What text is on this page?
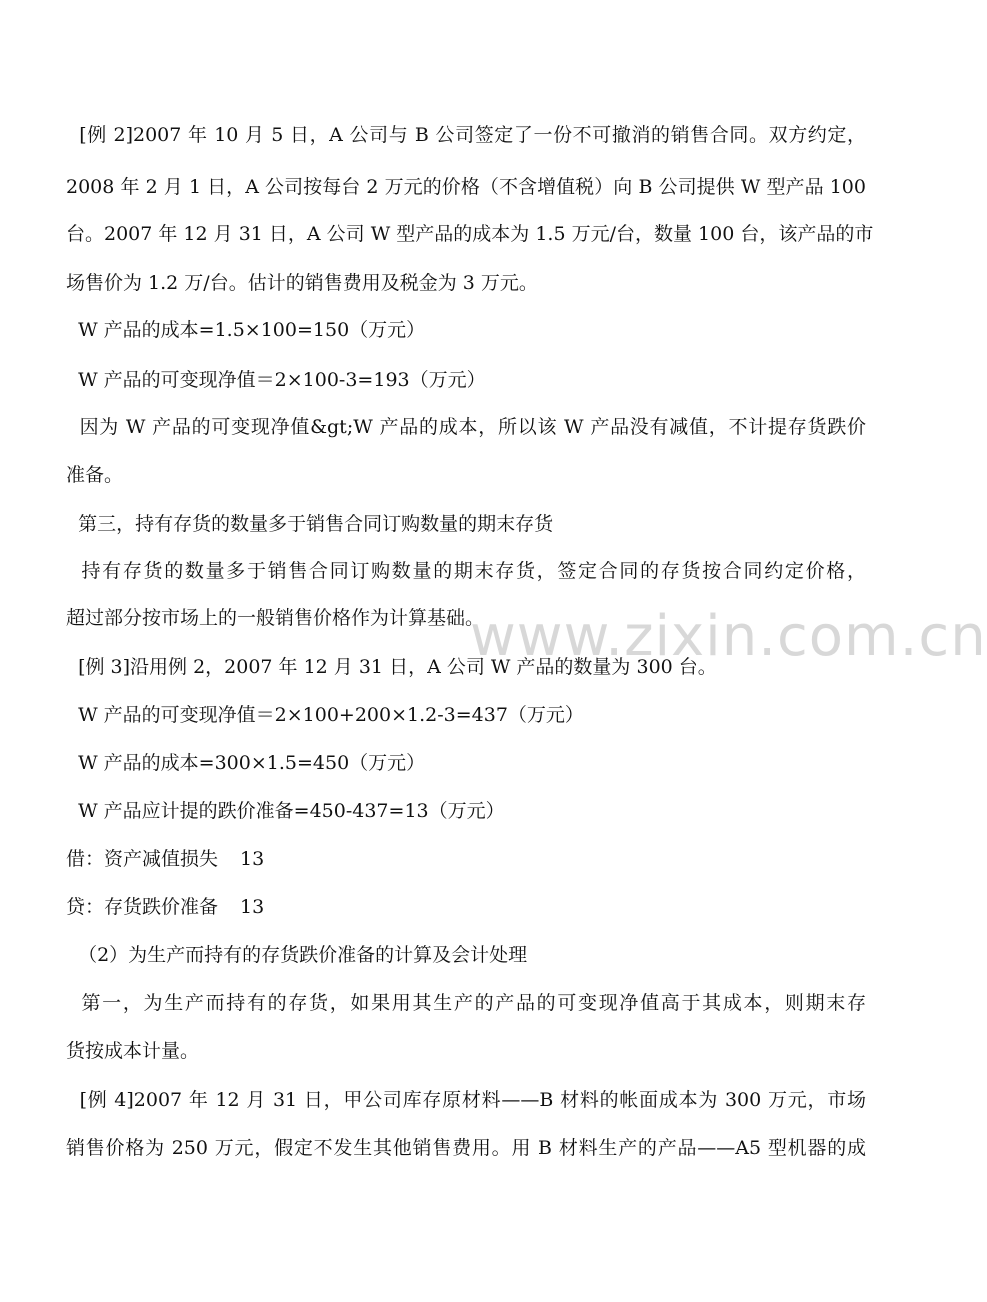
[例 2]2007 年 10 月 5 日，A 公司与 B 公司签定了一份不可撤消的销售合同。双方约定，
2008 年 2 月 1 日，A 公司按每台 2 万元的价格（不含增值税）向 B 公司提供 W 型产品 100
台。2007 年 12 月 31 日，A 公司 W 型产品的成本为 1.5 万元/台，数量 100 台，该产品的市
场售价为 1.2 万/台。估计的销售费用及税金为 3 万元。
W 产品的成本=1.5×100=150（万元）
W 产品的可变现净值＝2×100-3=193（万元）
因为 W 产品的可变现净值&gt;W 产品的成本，所以该 W 产品没有减值，不计提存货跌价
准备。
第三，持有存货的数量多于销售合同订购数量的期末存货
持有存货的数量多于销售合同订购数量的期末存货，签定合同的存货按合同约定价格，
超过部分按市场上的一般销售价格作为计算基础。
[例 3]沿用例 2，2007 年 12 月 31 日，A 公司 W 产品的数量为 300 台。
W 产品的可变现净值＝2×100+200×1.2-3=437（万元）
W 产品的成本=300×1.5=450（万元）
W 产品应计提的跌价准备=450-437=13（万元）
借：资产减值损失 13
贷：存货跌价准备 13
（2）为生产而持有的存货跌价准备的计算及会计处理
第一，为生产而持有的存货，如果用其生产的产品的可变现净值高于其成本，则期末存
货按成本计量。
[例 4]2007 年 12 月 31 日，甲公司库存原材料——B 材料的帐面成本为 300 万元，市场
销售价格为 250 万元，假定不发生其他销售费用。用 B 材料生产的产品——A5 型机器的成
www.zixin.com.cn
